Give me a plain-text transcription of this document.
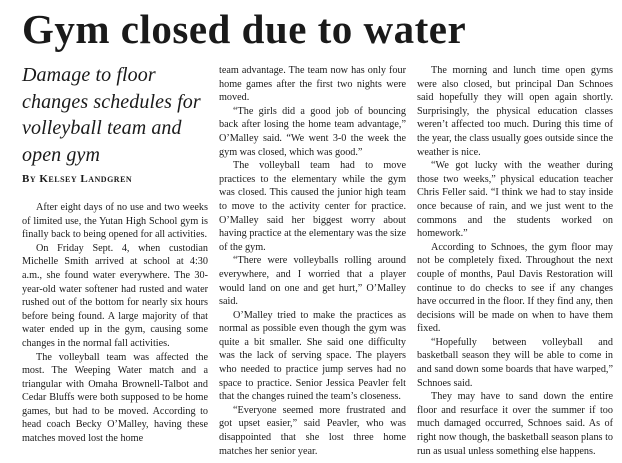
Gym closed due to water
Damage to floor changes schedules for volleyball team and open gym
By Kelsey Landgren

After eight days of no use and two weeks of limited use, the Yutan High School gym is finally back to being opened for all activities.

On Friday Sept. 4, when custodian Michelle Smith arrived at school at 4:30 a.m., she found water everywhere. The 30-year-old water softener had rusted and water rushed out of the bottom for nearly six hours before being found. A large majority of that water ended up in the gym, causing some changes in the normal fall activities.

The volleyball team was affected the most. The Weeping Water match and a triangular with Omaha Brownell-Talbot and Cedar Bluffs were both supposed to be home games, but had to be moved. According to head coach Becky O’Malley, having these matches moved lost the home

team advantage. The team now has only four home games after the first two nights were moved.

“The girls did a good job of bouncing back after losing the home team advantage,” O’Malley said. “We went 3-0 the week the gym was closed, which was good.”

The volleyball team had to move practices to the elementary while the gym was closed. This caused the junior high team to move to the activity center for practice. O’Malley said her biggest worry about having practice at the elementary was the size of the gym.

“There were volleyballs rolling around everywhere, and I worried that a player would land on one and get hurt,” O’Malley said.

O’Malley tried to make the practices as normal as possible even though the gym was quite a bit smaller. She said one difficulty was the lack of serving space. The players who needed to practice jump serves had no space to practice. Senior Jessica Peavler felt that the changes ruined the team’s closeness.

“Everyone seemed more frustrated and got upset easier,” said Peavler, who was disappointed that she lost three home matches her senior year.

The morning and lunch time open gyms were also closed, but principal Dan Schnoes said hopefully they will open again shortly. Surprisingly, the physical education classes weren’t affected too much. During this time of the year, the class usually goes outside since the weather is nice.

“We got lucky with the weather during those two weeks,” physical education teacher Chris Feller said. “I think we had to stay inside once because of rain, and we just went to the commons and the students worked on homework.”

According to Schnoes, the gym floor may not be completely fixed. Throughout the next couple of months, Paul Davis Restoration will continue to do checks to see if any changes have occurred in the floor. If they find any, then decisions will be made on when to have them fixed.

“Hopefully between volleyball and basketball season they will be able to come in and sand down some boards that have warped,” Schnoes said.

They may have to sand down the entire floor and resurface it over the summer if too much damaged occurred, Schnoes said. As of right now though, the basketball season plans to run as usual unless something else happens.
